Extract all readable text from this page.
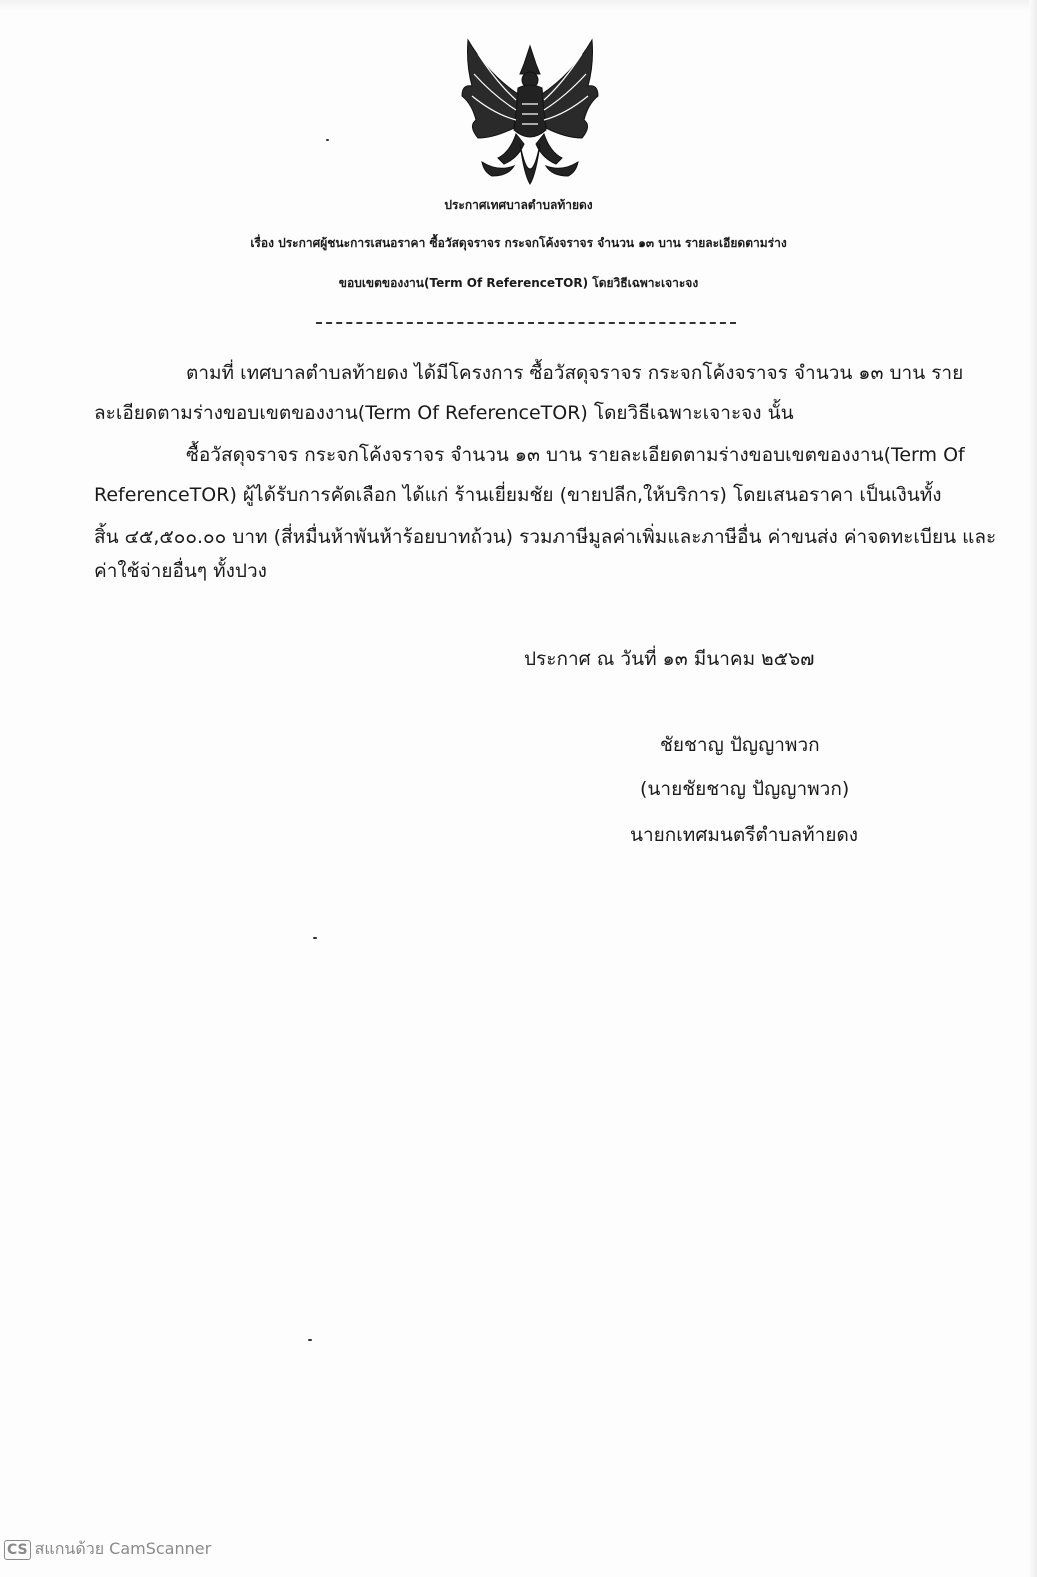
ประกาศเทศบาลตำบลท้ายดง
เรื่อง ประกาศผู้ชนะการเสนอราคา ซื้อวัสดุจราจร กระจกโค้งจราจร จำนวน ๑๓ บาน รายละเอียดตามร่าง
ขอบเขตของงาน(Term Of ReferenceTOR) โดยวิธีเฉพาะเจาะจง
ตามที่ เทศบาลตำบลท้ายดง ได้มีโครงการ ซื้อวัสดุจราจร กระจกโค้งจราจร จำนวน ๑๓ บาน ราย
ละเอียดตามร่างขอบเขตของงาน(Term Of ReferenceTOR) โดยวิธีเฉพาะเจาะจง นั้น
ซื้อวัสดุจราจร กระจกโค้งจราจร จำนวน ๑๓ บาน รายละเอียดตามร่างขอบเขตของงาน(Term Of
ReferenceTOR) ผู้ได้รับการคัดเลือก ได้แก่ ร้านเยี่ยมชัย (ขายปลีก,ให้บริการ) โดยเสนอราคา เป็นเงินทั้ง
สิ้น ๔๕,๕๐๐.๐๐ บาท (สี่หมื่นห้าพันห้าร้อยบาทถ้วน) รวมภาษีมูลค่าเพิ่มและภาษีอื่น ค่าขนส่ง ค่าจดทะเบียน และ
ค่าใช้จ่ายอื่นๆ ทั้งปวง
ประกาศ ณ วันที่ ๑๓ มีนาคม ๒๕๖๗
ชัยชาญ ปัญญาพวก
(นายชัยชาญ ปัญญาพวก)
นายกเทศมนตรีตำบลท้ายดง
CS สแกนด้วย CamScanner
